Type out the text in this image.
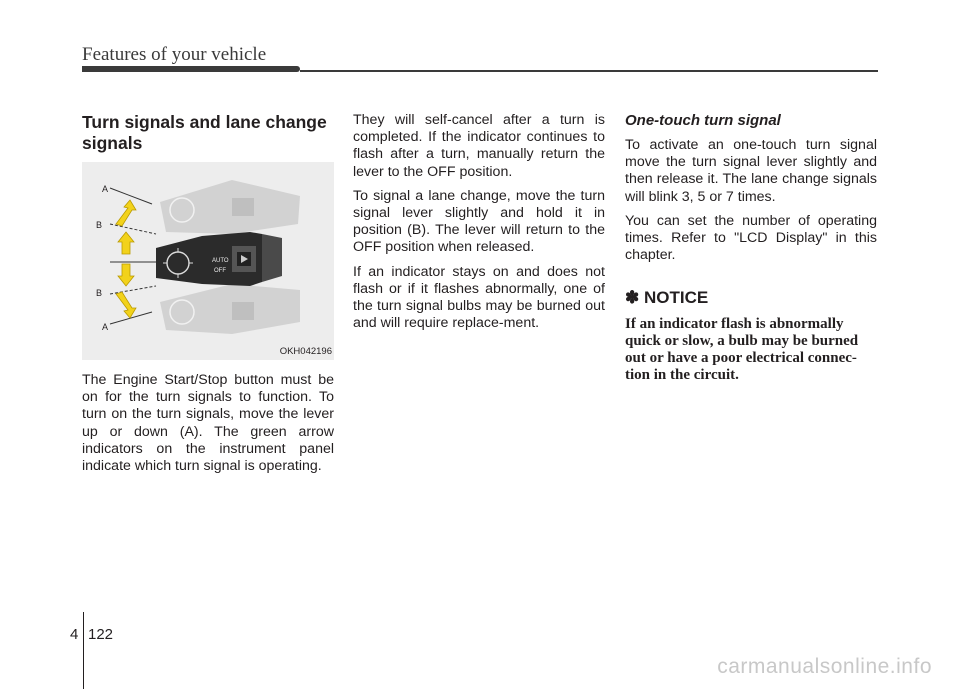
Features of your vehicle
Turn signals and lane change signals
AUTO
OFF
A
B
B
A
OKH042196

The Engine Start/Stop button must be on for the turn signals to function. To turn on the turn signals, move the lever up or down (A). The green arrow indicators on the instrument panel indicate which turn signal is operating.

They will self-cancel after a turn is completed. If the indicator continues to flash after a turn, manually return the lever to the OFF position.

To signal a lane change, move the turn signal lever slightly and hold it in position (B). The lever will return to the OFF position when released.

If an indicator stays on and does not flash or if it flashes abnormally, one of the turn signal bulbs may be burned out and will require replace-ment.

One-touch turn signal

To activate an one-touch turn signal move the turn signal lever slightly and then release it. The lane change signals will blink 3, 5 or 7 times.

You can set the number of operating times. Refer to "LCD Display" in this chapter.

✽ NOTICE

If an indicator flash is abnormally quick or slow, a bulb may be burned out or have a poor electrical connec-tion in the circuit.

4 122
carmanualsonline.info
